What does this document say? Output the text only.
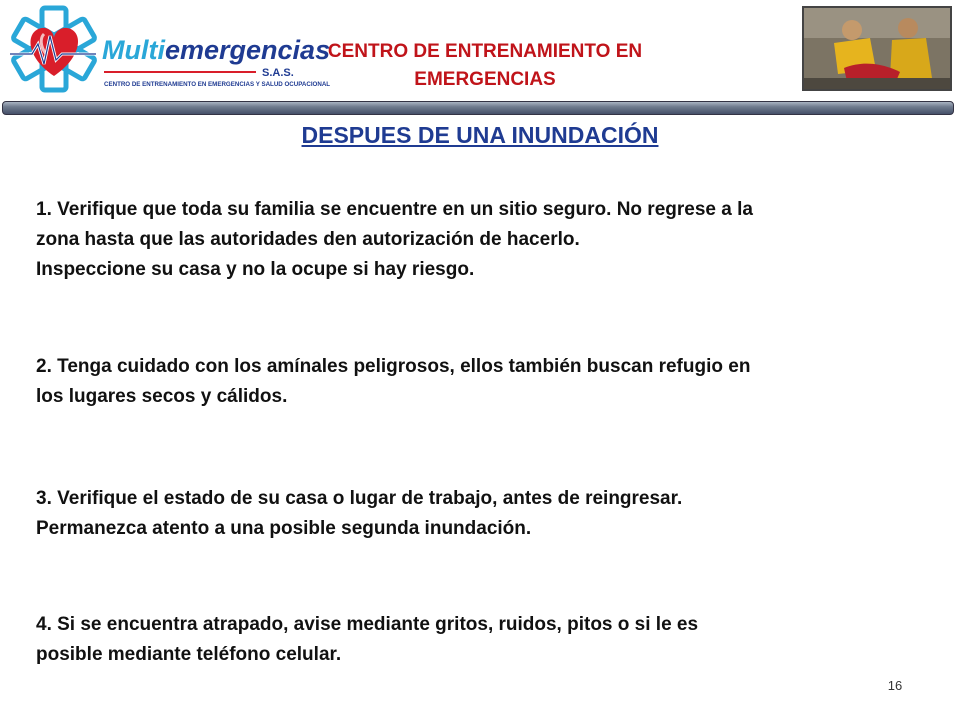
Multiemergencias
S.A.S.
CENTRO DE ENTRENAMIENTO EN EMERGENCIAS Y SALUD OCUPACIONAL
CENTRO DE ENTRENAMIENTO EN
EMERGENCIAS
DESPUES DE UNA INUNDACIÓN
1. Verifique que toda su familia se encuentre en un sitio seguro. No regrese a la
zona hasta que las autoridades den autorización de hacerlo.
Inspeccione su casa y no la ocupe si hay riesgo.
2. Tenga cuidado con los amínales peligrosos, ellos también buscan refugio en
los lugares secos y cálidos.
3. Verifique el estado de su casa o lugar de trabajo, antes de reingresar.
Permanezca atento a una posible segunda inundación.
4. Si se encuentra atrapado, avise mediante gritos, ruidos, pitos o si le es
posible mediante teléfono celular.
16
